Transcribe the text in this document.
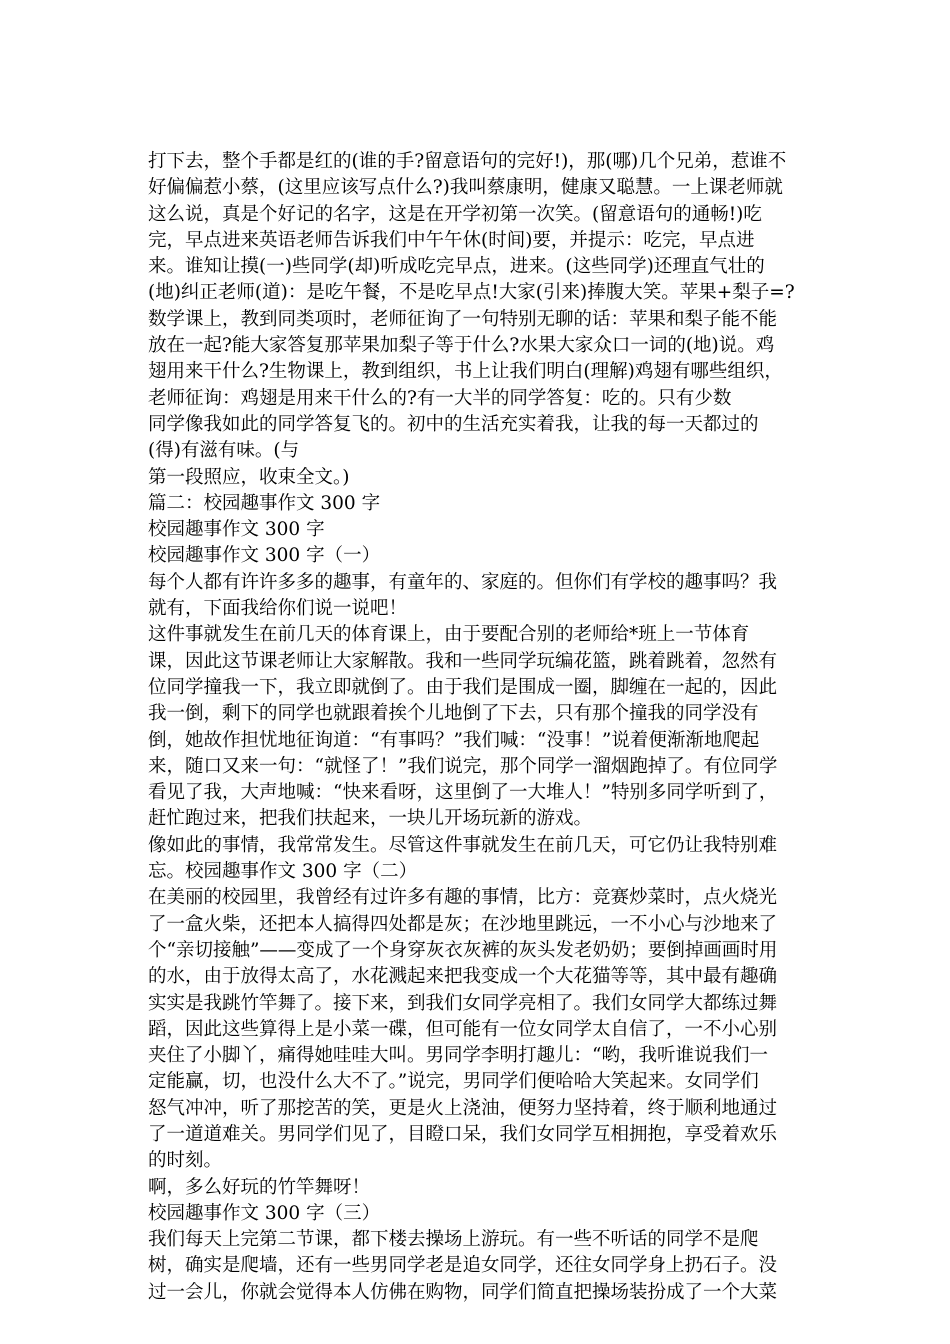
打下去，整个手都是红的(谁的手?留意语句的完好!)，那(哪)几个兄弟，惹谁不
好偏偏惹小蔡，(这里应该写点什么?)我叫蔡康明，健康又聪慧。一上课老师就
这么说，真是个好记的名字，这是在开学初第一次笑。(留意语句的通畅!)吃
完，早点进来英语老师告诉我们中午午休(时间)要，并提示：吃完，早点进
来。谁知让摸(一)些同学(却)听成吃完早点，进来。(这些同学)还理直气壮的
(地)纠正老师(道)：是吃午餐，不是吃早点!大家(引来)捧腹大笑。苹果+梨子=?
数学课上，教到同类项时，老师征询了一句特别无聊的话：苹果和梨子能不能
放在一起?能大家答复那苹果加梨子等于什么?水果大家众口一词的(地)说。鸡
翅用来干什么?生物课上，教到组织，书上让我们明白(理解)鸡翅有哪些组织，
老师征询：鸡翅是用来干什么的?有一大半的同学答复：吃的。只有少数
同学像我如此的同学答复飞的。初中的生活充实着我，让我的每一天都过的
(得)有滋有味。(与
第一段照应，收束全文。)
篇二：校园趣事作文 300 字
校园趣事作文 300 字
校园趣事作文 300 字（一）
每个人都有许许多多的趣事，有童年的、家庭的。但你们有学校的趣事吗？我
就有，下面我给你们说一说吧！
这件事就发生在前几天的体育课上，由于要配合别的老师给*班上一节体育
课，因此这节课老师让大家解散。我和一些同学玩编花篮，跳着跳着，忽然有
位同学撞我一下，我立即就倒了。由于我们是围成一圈，脚缠在一起的，因此
我一倒，剩下的同学也就跟着挨个儿地倒了下去，只有那个撞我的同学没有
倒，她故作担忧地征询道：“有事吗？”我们喊：“没事！”说着便渐渐地爬起
来，随口又来一句：“就怪了！”我们说完，那个同学一溜烟跑掉了。有位同学
看见了我，大声地喊：“快来看呀，这里倒了一大堆人！”特别多同学听到了，
赶忙跑过来，把我们扶起来，一块儿开场玩新的游戏。
像如此的事情，我常常发生。尽管这件事就发生在前几天，可它仍让我特别难
忘。校园趣事作文 300 字（二）
在美丽的校园里，我曾经有过许多有趣的事情，比方：竞赛炒菜时，点火烧光
了一盒火柴，还把本人搞得四处都是灰；在沙地里跳远，一不小心与沙地来了
个“亲切接触”——变成了一个身穿灰衣灰裤的灰头发老奶奶；要倒掉画画时用
的水，由于放得太高了，水花溅起来把我变成一个大花猫等等，其中最有趣确
实实是我跳竹竿舞了。接下来，到我们女同学亮相了。我们女同学大都练过舞
蹈，因此这些算得上是小菜一碟，但可能有一位女同学太自信了，一不小心别
夹住了小脚丫，痛得她哇哇大叫。男同学李明打趣儿：“哟，我听谁说我们一
定能赢，切，也没什么大不了。”说完，男同学们便哈哈大笑起来。女同学们
怒气冲冲，听了那挖苦的笑，更是火上浇油，便努力坚持着，终于顺利地通过
了一道道难关。男同学们见了，目瞪口呆，我们女同学互相拥抱，享受着欢乐
的时刻。
啊，多么好玩的竹竿舞呀！
校园趣事作文 300 字（三）
我们每天上完第二节课，都下楼去操场上游玩。有一些不听话的同学不是爬
树，确实是爬墙，还有一些男同学老是追女同学，还往女同学身上扔石子。没
过一会儿，你就会觉得本人仿佛在购物，同学们简直把操场装扮成了一个大菜
